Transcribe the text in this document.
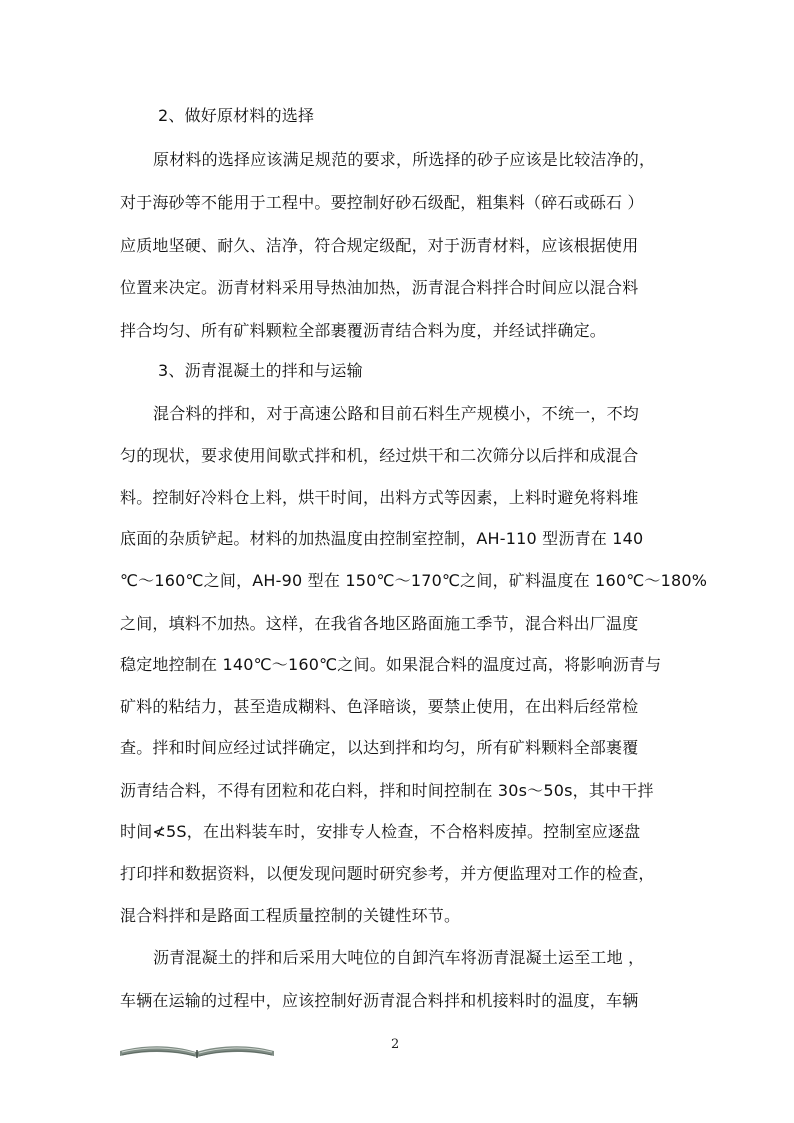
2、做好原材料的选择
原材料的选择应该满足规范的要求，所选择的砂子应该是比较洁净的，
对于海砂等不能用于工程中。要控制好砂石级配，粗集料（碎石或砾石 ）
应质地坚硬、耐久、洁净，符合规定级配，对于沥青材料，应该根据使用
位置来决定。沥青材料采用导热油加热，沥青混合料拌合时间应以混合料
拌合均匀、所有矿料颗粒全部裹覆沥青结合料为度，并经试拌确定。
3、沥青混凝土的拌和与运输
混合料的拌和，对于高速公路和目前石料生产规模小，不统一，不均
匀的现状，要求使用间歇式拌和机，经过烘干和二次筛分以后拌和成混合
料。控制好冷料仓上料，烘干时间，出料方式等因素，上料时避免将料堆
底面的杂质铲起。材料的加热温度由控制室控制，AH-110 型沥青在 140
℃～160℃之间，AH-90 型在 150℃～170℃之间，矿料温度在 160℃～180%
之间，填料不加热。这样，在我省各地区路面施工季节，混合料出厂温度
稳定地控制在 140℃～160℃之间。如果混合料的温度过高，将影响沥青与
矿料的粘结力，甚至造成糊料、色泽暗谈，要禁止使用，在出料后经常检
查。拌和时间应经过试拌确定，以达到拌和均匀，所有矿料颗料全部裹覆
沥青结合料，不得有团粒和花白料，拌和时间控制在 30s～50s，其中干拌
时间≮5S，在出料装车时，安排专人检查，不合格料废掉。控制室应逐盘
打印拌和数据资料，以便发现问题时研究参考，并方便监理对工作的检查，
混合料拌和是路面工程质量控制的关键性环节。
沥青混凝土的拌和后采用大吨位的自卸汽车将沥青混凝土运至工地 ，
车辆在运输的过程中，应该控制好沥青混合料拌和机接料时的温度，车辆
2
